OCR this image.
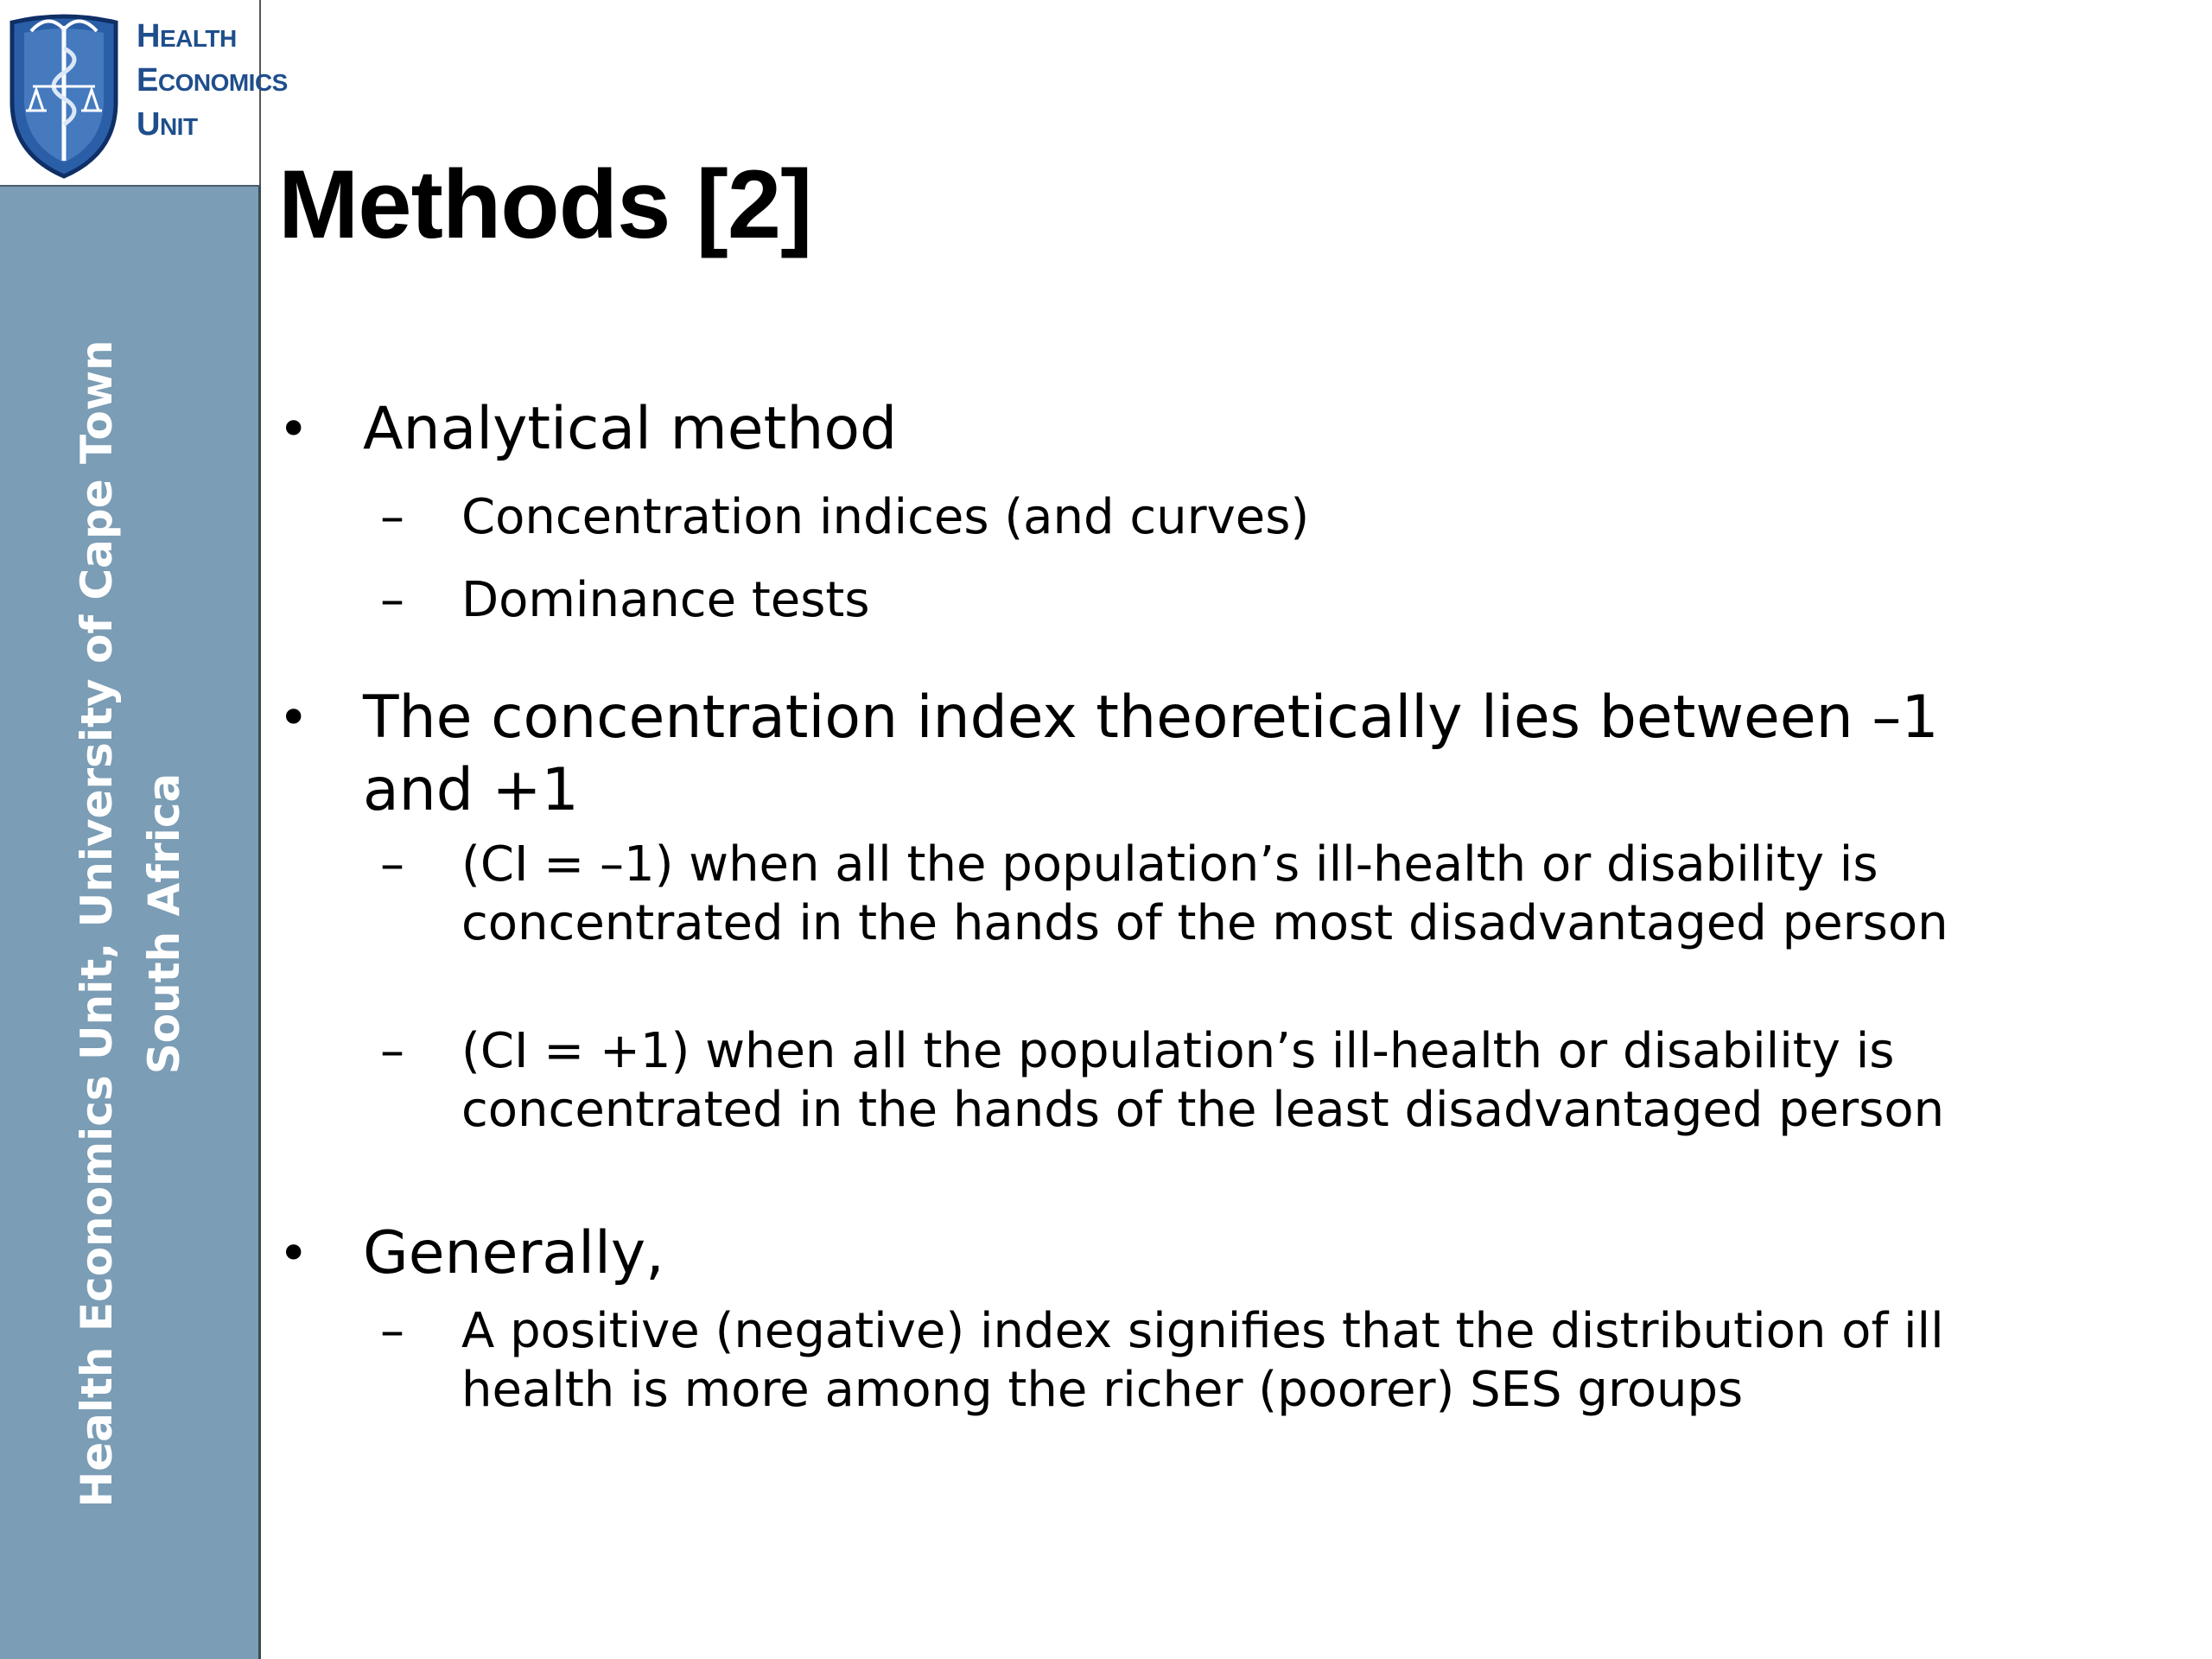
HEALTH
ECONOMICS
UNIT
Health Economics Unit, University of Cape Town South Africa
Methods [2]
• Analytical method
– Concentration indices (and curves)
– Dominance tests
• The concentration index theoretically lies between –1 and +1
– (CI = –1) when all the population’s ill-health or disability is concentrated in the hands of the most disadvantaged person
– (CI = +1) when all the population’s ill-health or disability is concentrated in the hands of the least disadvantaged person
• Generally,
– A positive (negative) index signifies that the distribution of ill health is more among the richer (poorer) SES groups
